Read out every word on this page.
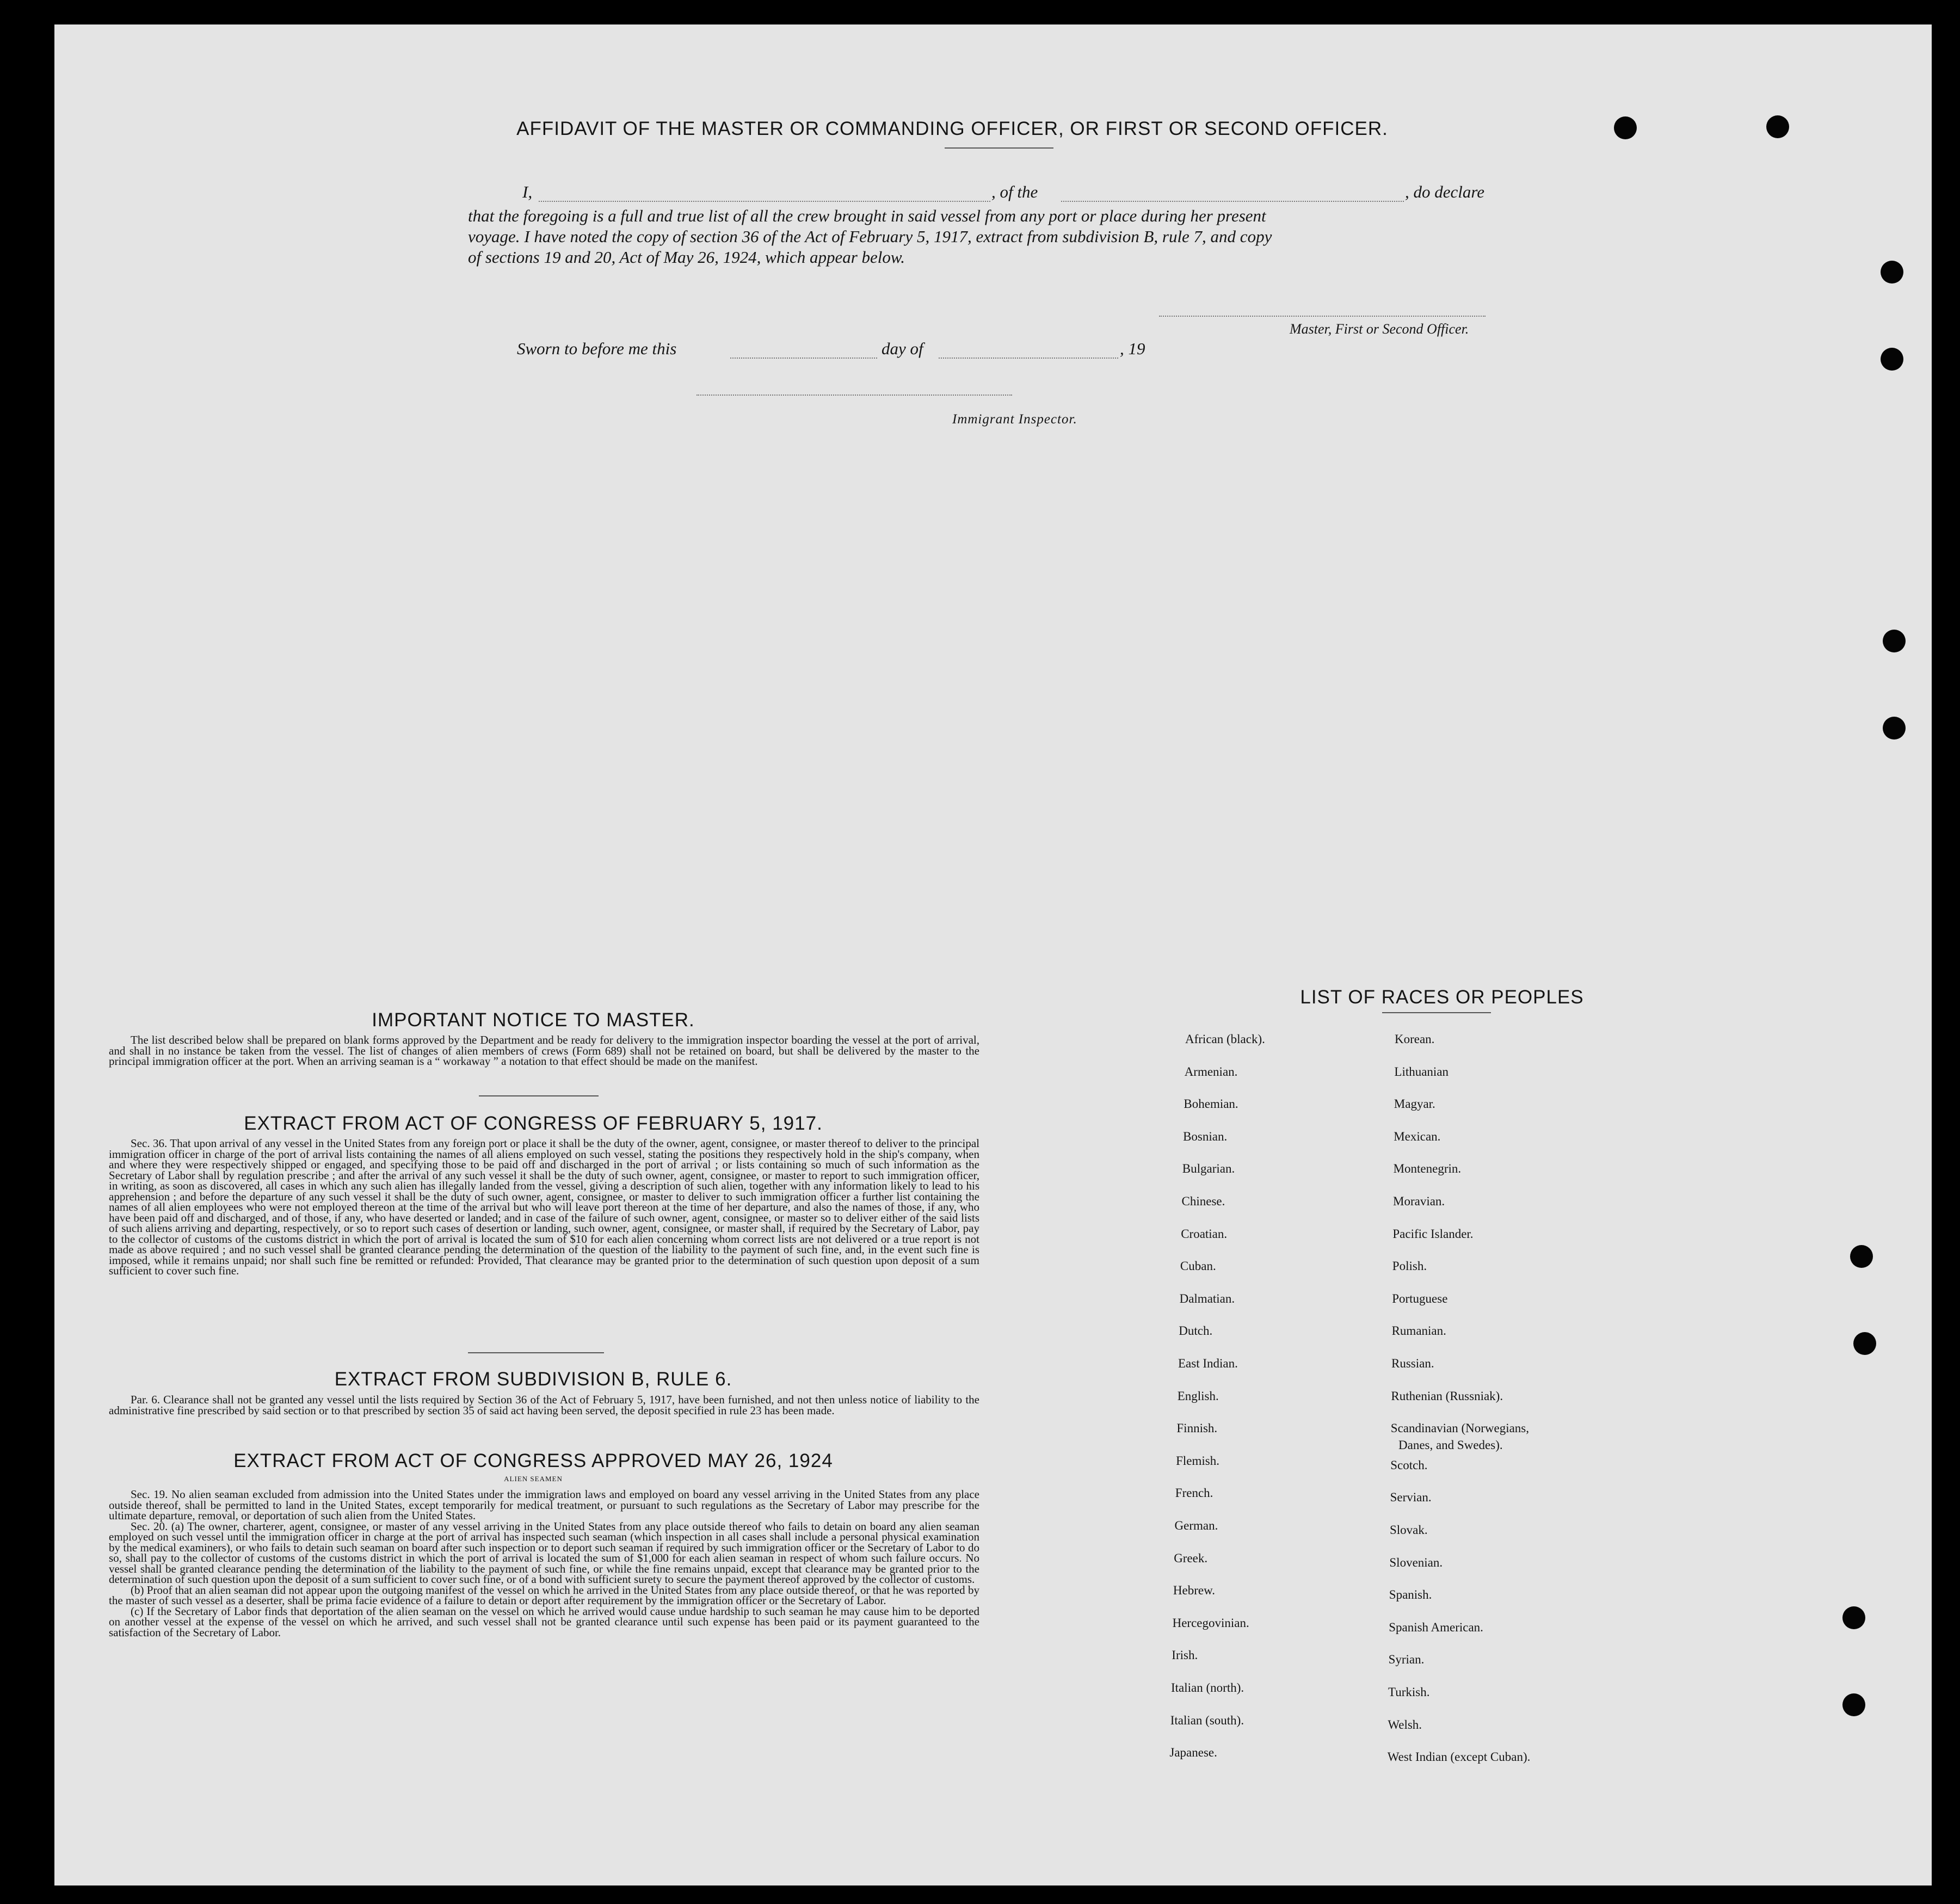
AFFIDAVIT OF THE MASTER OR COMMANDING OFFICER, OR FIRST OR SECOND OFFICER.
I,	, of the	, do declare
that the foregoing is a full and true list of all the crew brought in said vessel from any port or place during her present
voyage. I have noted the copy of section 36 of the Act of February 5, 1917, extract from subdivision B, rule 7, and copy
of sections 19 and 20, Act of May 26, 1924, which appear below.
Master, First or Second Officer.
Sworn to before me this	day of	, 19
Immigrant Inspector.
IMPORTANT NOTICE TO MASTER.

The list described below shall be prepared on blank forms approved by the Department and be ready for delivery to the immigration inspector boarding the vessel at the port of arrival, and shall in no instance be taken from the vessel. The list of changes of alien members of crews (Form 689) shall not be retained on board, but shall be delivered by the master to the principal immigration officer at the port. When an arriving seaman is a “ workaway ” a notation to that effect should be made on the manifest.

EXTRACT FROM ACT OF CONGRESS OF FEBRUARY 5, 1917.

Sec. 36. That upon arrival of any vessel in the United States from any foreign port or place it shall be the duty of the owner, agent, consignee, or master thereof to deliver to the principal immigration officer in charge of the port of arrival lists containing the names of all aliens employed on such vessel, stating the positions they respectively hold in the ship's company, when and where they were respectively shipped or engaged, and specifying those to be paid off and discharged in the port of arrival ; or lists containing so much of such information as the Secretary of Labor shall by regulation prescribe ; and after the arrival of any such vessel it shall be the duty of such owner, agent, consignee, or master to report to such immigration officer, in writing, as soon as discovered, all cases in which any such alien has illegally landed from the vessel, giving a description of such alien, together with any information likely to lead to his apprehension ; and before the departure of any such vessel it shall be the duty of such owner, agent, consignee, or master to deliver to such immigration officer a further list containing the names of all alien employees who were not employed thereon at the time of the arrival but who will leave port thereon at the time of her departure, and also the names of those, if any, who have been paid off and discharged, and of those, if any, who have deserted or landed; and in case of the failure of such owner, agent, consignee, or master so to deliver either of the said lists of such aliens arriving and departing, respectively, or so to report such cases of desertion or landing, such owner, agent, consignee, or master shall, if required by the Secretary of Labor, pay to the collector of customs of the customs district in which the port of arrival is located the sum of $10 for each alien concerning whom correct lists are not delivered or a true report is not made as above required ; and no such vessel shall be granted clearance pending the determination of the question of the liability to the payment of such fine, and, in the event such fine is imposed, while it remains unpaid; nor shall such fine be remitted or refunded: Provided, That clearance may be granted prior to the determination of such question upon deposit of a sum sufficient to cover such fine.

EXTRACT FROM SUBDIVISION B, RULE 6.

Par. 6. Clearance shall not be granted any vessel until the lists required by Section 36 of the Act of February 5, 1917, have been furnished, and not then unless notice of liability to the administrative fine prescribed by said section or to that prescribed by section 35 of said act having been served, the deposit specified in rule 23 has been made.

EXTRACT FROM ACT OF CONGRESS APPROVED MAY 26, 1924
ALIEN SEAMEN

Sec. 19. No alien seaman excluded from admission into the United States under the immigration laws and employed on board any vessel arriving in the United States from any place outside thereof, shall be permitted to land in the United States, except temporarily for medical treatment, or pursuant to such regulations as the Secretary of Labor may prescribe for the ultimate departure, removal, or deportation of such alien from the United States.

Sec. 20. (a) The owner, charterer, agent, consignee, or master of any vessel arriving in the United States from any place outside thereof who fails to detain on board any alien seaman employed on such vessel until the immigration officer in charge at the port of arrival has inspected such seaman (which inspection in all cases shall include a personal physical examination by the medical examiners), or who fails to detain such seaman on board after such inspection or to deport such seaman if required by such immigration officer or the Secretary of Labor to do so, shall pay to the collector of customs of the customs district in which the port of arrival is located the sum of $1,000 for each alien seaman in respect of whom such failure occurs. No vessel shall be granted clearance pending the determination of the liability to the payment of such fine, or while the fine remains unpaid, except that clearance may be granted prior to the determination of such question upon the deposit of a sum sufficient to cover such fine, or of a bond with sufficient surety to secure the payment thereof approved by the collector of customs.

(b) Proof that an alien seaman did not appear upon the outgoing manifest of the vessel on which he arrived in the United States from any place outside thereof, or that he was reported by the master of such vessel as a deserter, shall be prima facie evidence of a failure to detain or deport after requirement by the immigration officer or the Secretary of Labor.

(c) If the Secretary of Labor finds that deportation of the alien seaman on the vessel on which he arrived would cause undue hardship to such seaman he may cause him to be deported on another vessel at the expense of the vessel on which he arrived, and such vessel shall not be granted clearance until such expense has been paid or its payment guaranteed to the satisfaction of the Secretary of Labor.

LIST OF RACES OR PEOPLES
Danes, and Swedes).
African (black).
Armenian.
Bohemian.
Bosnian.
Bulgarian.
Chinese.
Croatian.
Cuban.
Dalmatian.
Dutch.
East Indian.
English.
Finnish.
Flemish.
French.
German.
Greek.
Hebrew.
Hercegovinian.
Irish.
Italian (north).
Italian (south).
Japanese.
Korean.
Lithuanian
Magyar.
Mexican.
Montenegrin.
Moravian.
Pacific Islander.
Polish.
Portuguese
Rumanian.
Russian.
Ruthenian (Russniak).
Scandinavian (Norwegians,
Scotch.
Servian.
Slovak.
Slovenian.
Spanish.
Spanish American.
Syrian.
Turkish.
Welsh.
West Indian (except Cuban).
